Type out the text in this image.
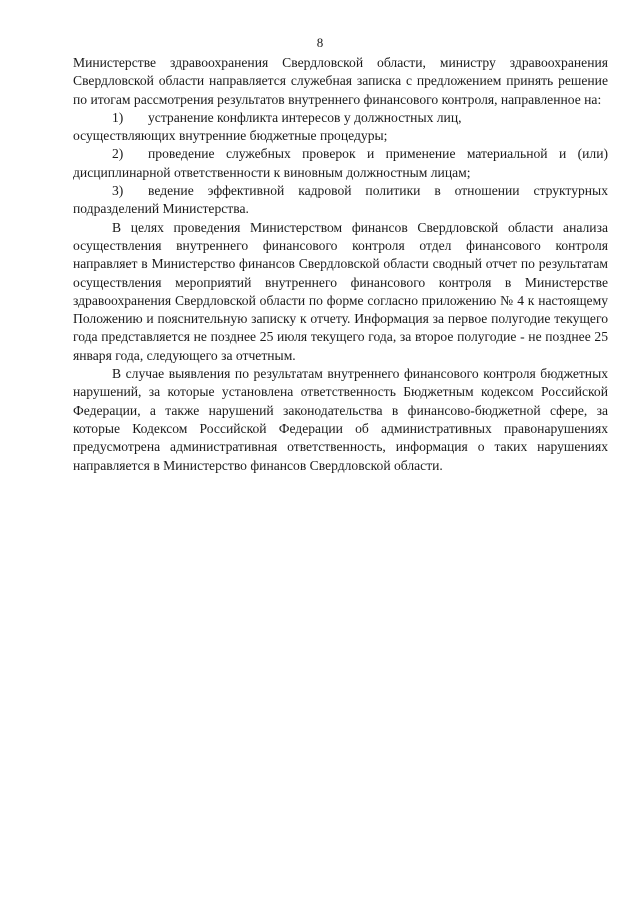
8

Министерстве здравоохранения Свердловской области, министру здравоохранения Свердловской области направляется служебная записка с предложением принять решение по итогам рассмотрения результатов внутреннего финансового контроля, направленное на:

1) устранение конфликта интересов у должностных лиц,
осуществляющих внутренние бюджетные процедуры;

2) проведение служебных проверок и применение материальной и (или) дисциплинарной ответственности к виновным должностным лицам;

3) ведение эффективной кадровой политики в отношении структурных подразделений Министерства.

В целях проведения Министерством финансов Свердловской области анализа осуществления внутреннего финансового контроля отдел финансового контроля направляет в Министерство финансов Свердловской области сводный отчет по результатам осуществления мероприятий внутреннего финансового контроля в Министерстве здравоохранения Свердловской области по форме согласно приложению № 4 к настоящему Положению и пояснительную записку к отчету. Информация за первое полугодие текущего года представляется не позднее 25 июля текущего года, за второе полугодие - не позднее 25 января года, следующего за отчетным.

В случае выявления по результатам внутреннего финансового контроля бюджетных нарушений, за которые установлена ответственность Бюджетным кодексом Российской Федерации, а также нарушений законодательства в финансово-бюджетной сфере, за которые Кодексом Российской Федерации об административных правонарушениях предусмотрена административная ответственность, информация о таких нарушениях направляется в Министерство финансов Свердловской области.
